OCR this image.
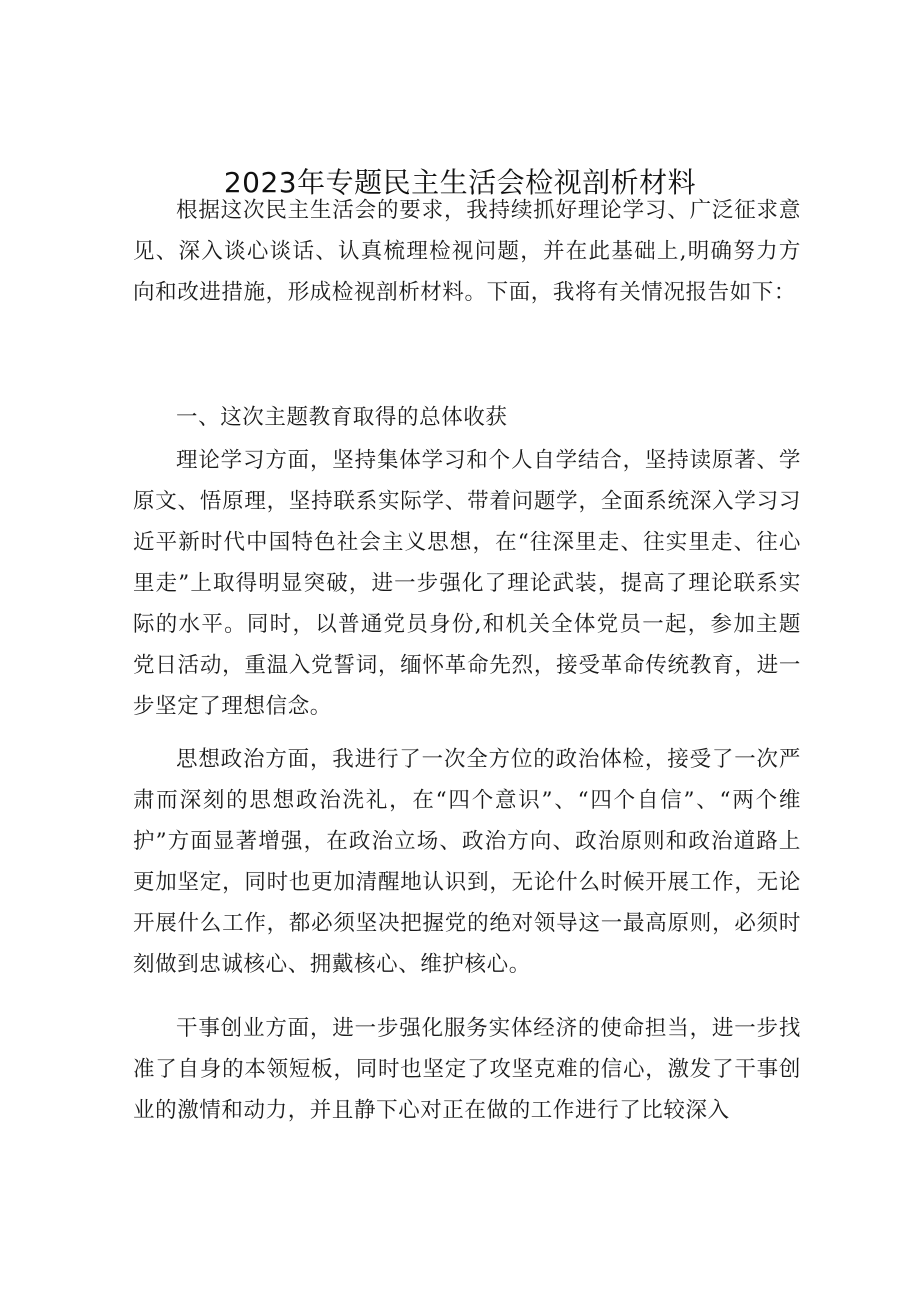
2023年专题民主生活会检视剖析材料

根据这次民主生活会的要求，我持续抓好理论学习、广泛征求意见、深入谈心谈话、认真梳理检视问题，并在此基础上,明确努力方向和改进措施，形成检视剖析材料。下面，我将有关情况报告如下：

一、这次主题教育取得的总体收获

理论学习方面，坚持集体学习和个人自学结合，坚持读原著、学原文、悟原理，坚持联系实际学、带着问题学，全面系统深入学习习近平新时代中国特色社会主义思想，在“往深里走、往实里走、往心里走”上取得明显突破，进一步强化了理论武装，提高了理论联系实际的水平。同时，以普通党员身份,和机关全体党员一起，参加主题党日活动，重温入党誓词，缅怀革命先烈，接受革命传统教育，进一步坚定了理想信念。

思想政治方面，我进行了一次全方位的政治体检，接受了一次严肃而深刻的思想政治洗礼，在“四个意识”、“四个自信”、“两个维护”方面显著增强，在政治立场、政治方向、政治原则和政治道路上更加坚定，同时也更加清醒地认识到，无论什么时候开展工作，无论开展什么工作，都必须坚决把握党的绝对领导这一最高原则，必须时刻做到忠诚核心、拥戴核心、维护核心。

干事创业方面，进一步强化服务实体经济的使命担当，进一步找准了自身的本领短板，同时也坚定了攻坚克难的信心，激发了干事创业的激情和动力，并且静下心对正在做的工作进行了比较深入
